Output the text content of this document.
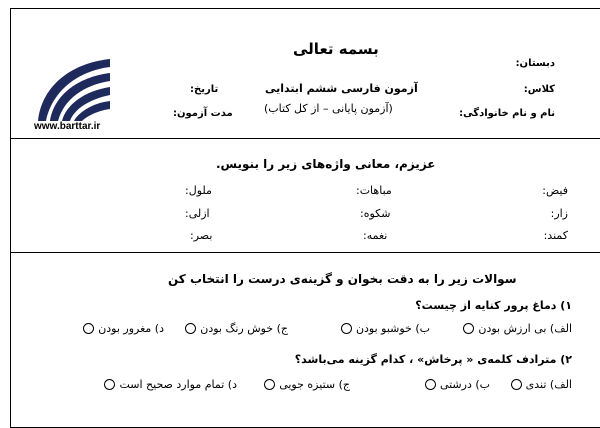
بسمه تعالی
دبستان:
کلاس:
نام و نام خانوادگی:
آزمون فارسی ششم ابتدایی
(آزمون پایانی – از کل کتاب)
تاریخ:
مدت آزمون:
www.barttar.ir
عزیزم، معانی واژه‌های زیر را بنویس.
فیض:
مباهات:
ملول:
زار:
شکوه:
ازلی:
کمند:
نغمه:
بصر:
سوالات زیر را به دقت بخوان و گزینه‌ی درست را انتخاب کن
۱) دماغ پرور کنایه از چیست؟
الف) بی ارزش بودن
ب) خوشبو بودن
ج) خوش رنگ بودن
د) مغرور بودن
۲) مترادف کلمه‌ی « پرخاش» ، کدام گزینه می‌باشد؟
الف) تندی
ب) درشتی
ج) ستیزه جویی
د) تمام موارد صحیح است
